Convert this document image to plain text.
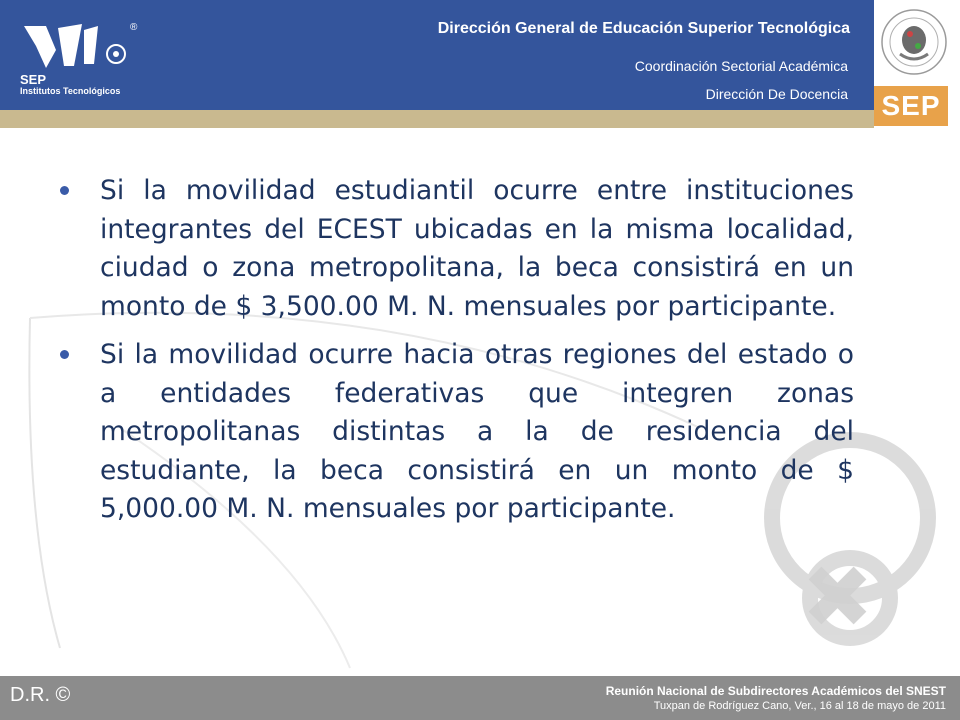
SEP
Institutos Tecnológicos
®	Dirección General de Educación Superior Tecnológica
Coordinación Sectorial Académica
Dirección De Docencia SEP
Si la movilidad estudiantil ocurre entre instituciones integrantes del ECEST ubicadas en la misma localidad, ciudad o zona metropolitana, la beca consistirá en un monto de $ 3,500.00 M. N. mensuales por participante.
Si la movilidad ocurre hacia otras regiones del estado o a entidades federativas que integren zonas metropolitanas distintas a la de residencia del estudiante, la beca consistirá en un monto de $ 5,000.00 M. N. mensuales por participante.
D.R. ©	Reunión Nacional de Subdirectores Académicos del SNEST
Tuxpan de Rodríguez Cano, Ver., 16 al 18 de mayo de 2011
